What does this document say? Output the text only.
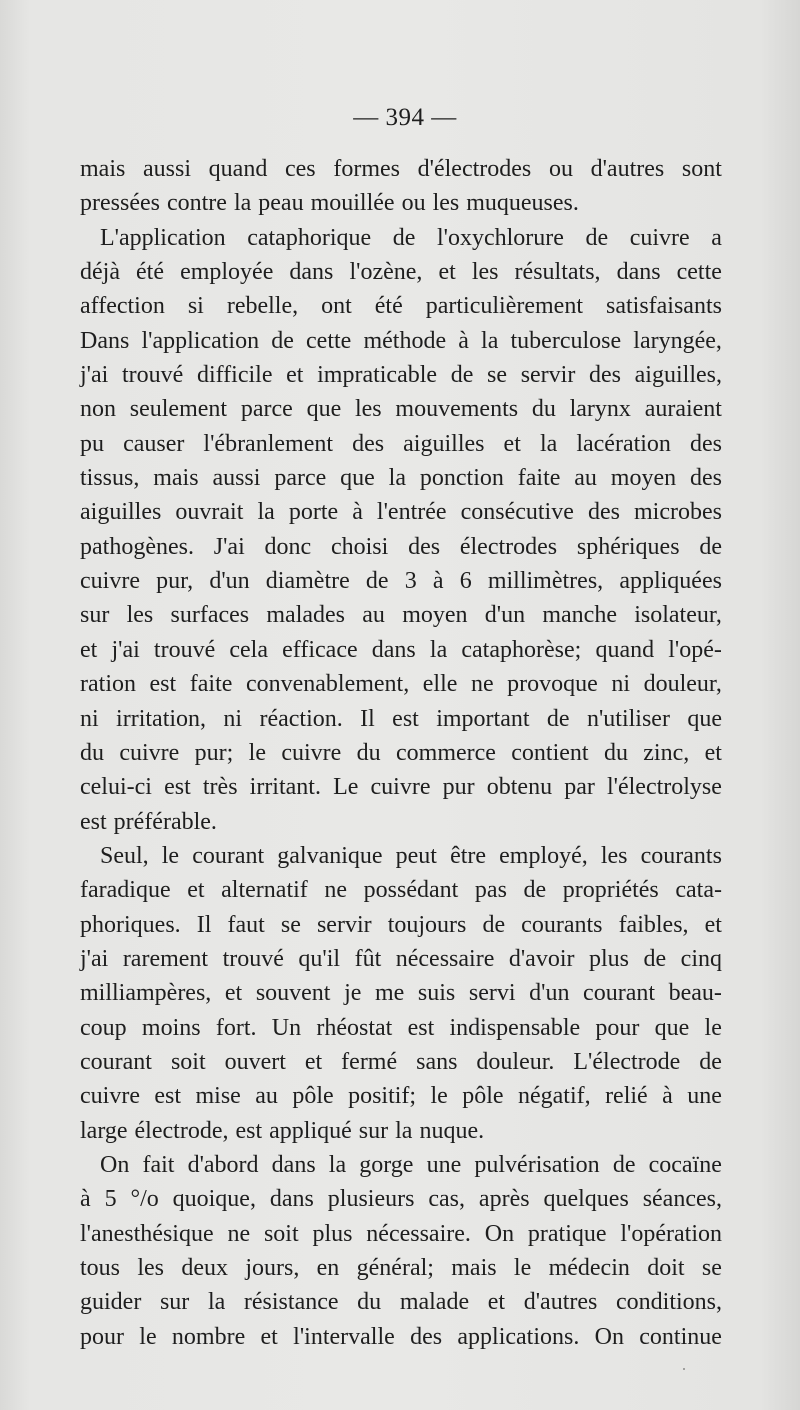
— 394 —
mais aussi quand ces formes d'électrodes ou d'autres sont
pressées contre la peau mouillée ou les muqueuses.
L'application cataphorique de l'oxychlorure de cuivre a
déjà été employée dans l'ozène, et les résultats, dans cette
affection si rebelle, ont été particulièrement satisfaisants
Dans l'application de cette méthode à la tuberculose laryngée,
j'ai trouvé difficile et impraticable de se servir des aiguilles,
non seulement parce que les mouvements du larynx auraient
pu causer l'ébranlement des aiguilles et la lacération des
tissus, mais aussi parce que la ponction faite au moyen des
aiguilles ouvrait la porte à l'entrée consécutive des microbes
pathogènes. J'ai donc choisi des électrodes sphériques de
cuivre pur, d'un diamètre de 3 à 6 millimètres, appliquées
sur les surfaces malades au moyen d'un manche isolateur,
et j'ai trouvé cela efficace dans la cataphorèse; quand l'opé-
ration est faite convenablement, elle ne provoque ni douleur,
ni irritation, ni réaction. Il est important de n'utiliser que
du cuivre pur; le cuivre du commerce contient du zinc, et
celui-ci est très irritant. Le cuivre pur obtenu par l'électrolyse
est préférable.
Seul, le courant galvanique peut être employé, les courants
faradique et alternatif ne possédant pas de propriétés cata-
phoriques. Il faut se servir toujours de courants faibles, et
j'ai rarement trouvé qu'il fût nécessaire d'avoir plus de cinq
milliampères, et souvent je me suis servi d'un courant beau-
coup moins fort. Un rhéostat est indispensable pour que le
courant soit ouvert et fermé sans douleur. L'électrode de
cuivre est mise au pôle positif; le pôle négatif, relié à une
large électrode, est appliqué sur la nuque.
On fait d'abord dans la gorge une pulvérisation de cocaïne
à 5 °/o quoique, dans plusieurs cas, après quelques séances,
l'anesthésique ne soit plus nécessaire. On pratique l'opération
tous les deux jours, en général; mais le médecin doit se
guider sur la résistance du malade et d'autres conditions,
pour le nombre et l'intervalle des applications. On continue
